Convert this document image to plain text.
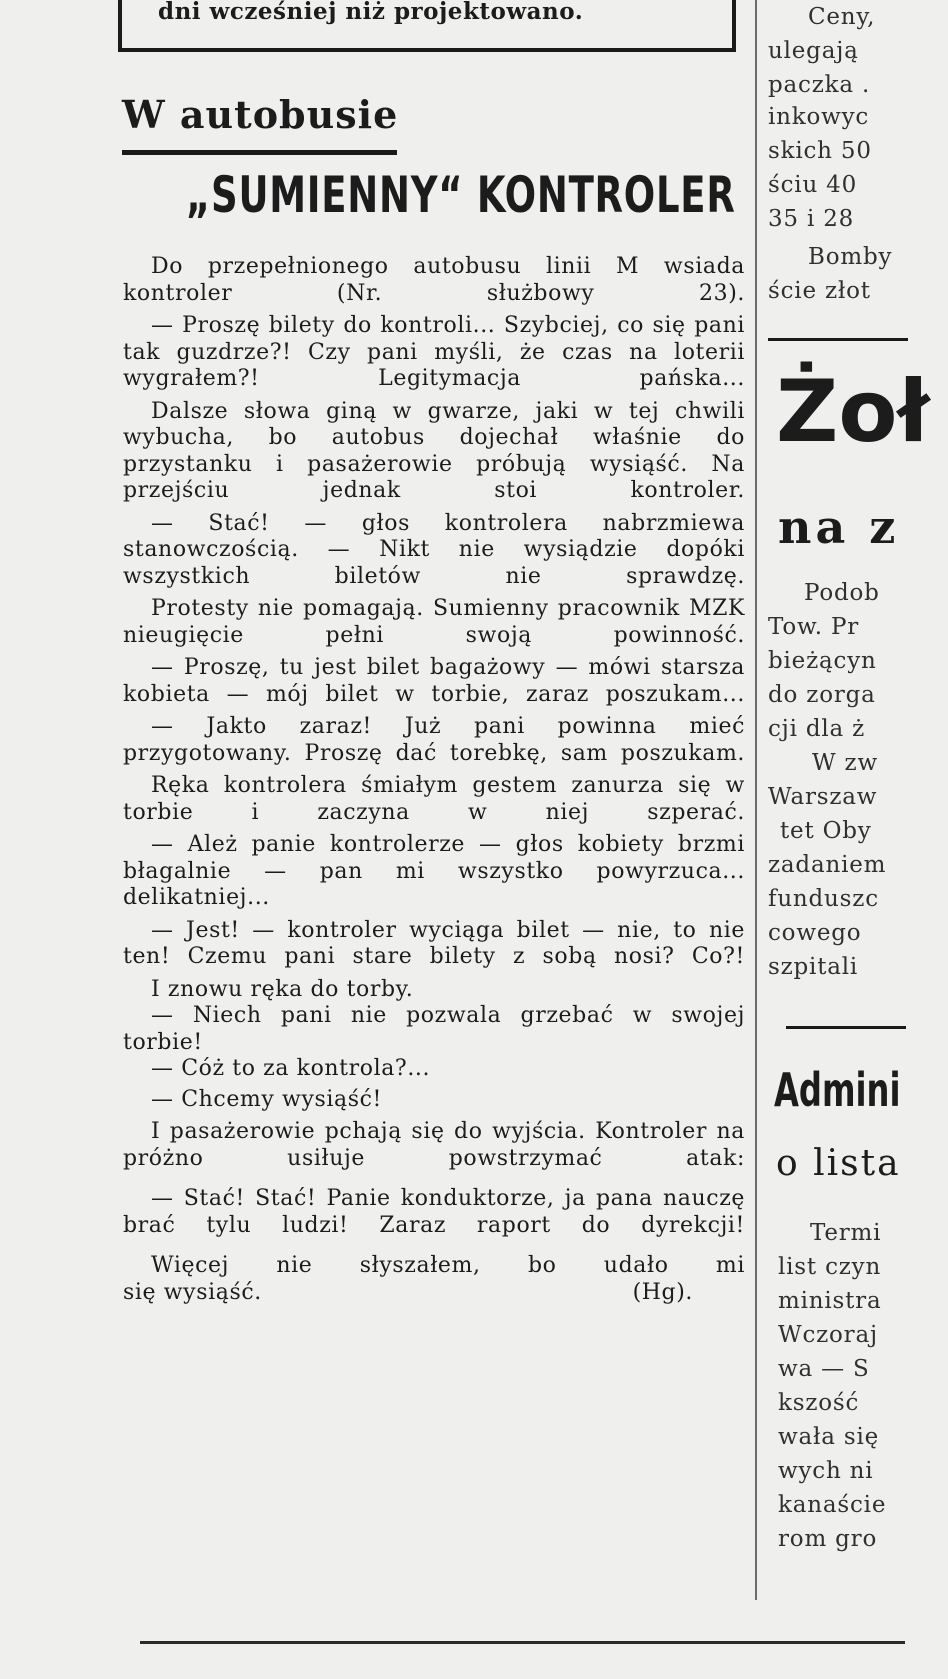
dni wcześniej niż projektowano.
W autobusie
„SUMIENNY“ KONTROLER

Do przepełnionego autobusu linii M wsiada kontroler (Nr. służbowy 23).

— Proszę bilety do kontroli... Szybciej, co się pani tak guzdrze?! Czy pani myśli, że czas na loterii wygrałem?! Legitymacja pańska...

Dalsze słowa giną w gwarze, jaki w tej chwili wybucha, bo autobus dojechał właśnie do przystanku i pasażerowie próbują wysiąść. Na przejściu jednak stoi kontroler.

— Stać! — głos kontrolera nabrzmiewa stanowczością. — Nikt nie wysiądzie dopóki wszystkich biletów nie sprawdzę.

Protesty nie pomagają. Sumienny pracownik MZK nieugięcie pełni swoją powinność.

— Proszę, tu jest bilet bagażowy — mówi starsza kobieta — mój bilet w torbie, zaraz poszukam...

— Jakto zaraz! Już pani powinna mieć przygotowany. Proszę dać torebkę, sam poszukam.

Ręka kontrolera śmiałym gestem zanurza się w torbie i zaczyna w niej szperać.

— Ależ panie kontrolerze — głos kobiety brzmi błagalnie — pan mi wszystko powyrzuca... delikatniej...

— Jest! — kontroler wyciąga bilet — nie, to nie ten! Czemu pani stare bilety z sobą nosi? Co?!

I znowu ręka do torby.

— Niech pani nie pozwala grzebać w swojej torbie!

— Cóż to za kontrola?...

— Chcemy wysiąść!

I pasażerowie pchają się do wyjścia. Kontroler na próżno usiłuje powstrzymać atak:

— Stać! Stać! Panie konduktorze, ja pana nauczę brać tylu ludzi! Zaraz raport do dyrekcji!

Więcej nie słyszałem, bo udało mi
się wysiąść.	(Hg).
Ceny,
ulegają
paczka .
inkowyc
skich 50
ściu 40
35 i 28
Bomby
ście złot
Żoł
na z
Podob
Tow. Pr
bieżącyn
do zorga
cji dla ż
W zw
Warszaw
tet Oby
zadaniem
funduszc
cowego
szpitali
Admini
o lista
Termi
list czyn
ministra
Wczoraj
wa — S
kszość
wała się
wych ni
kanaście
rom gro
